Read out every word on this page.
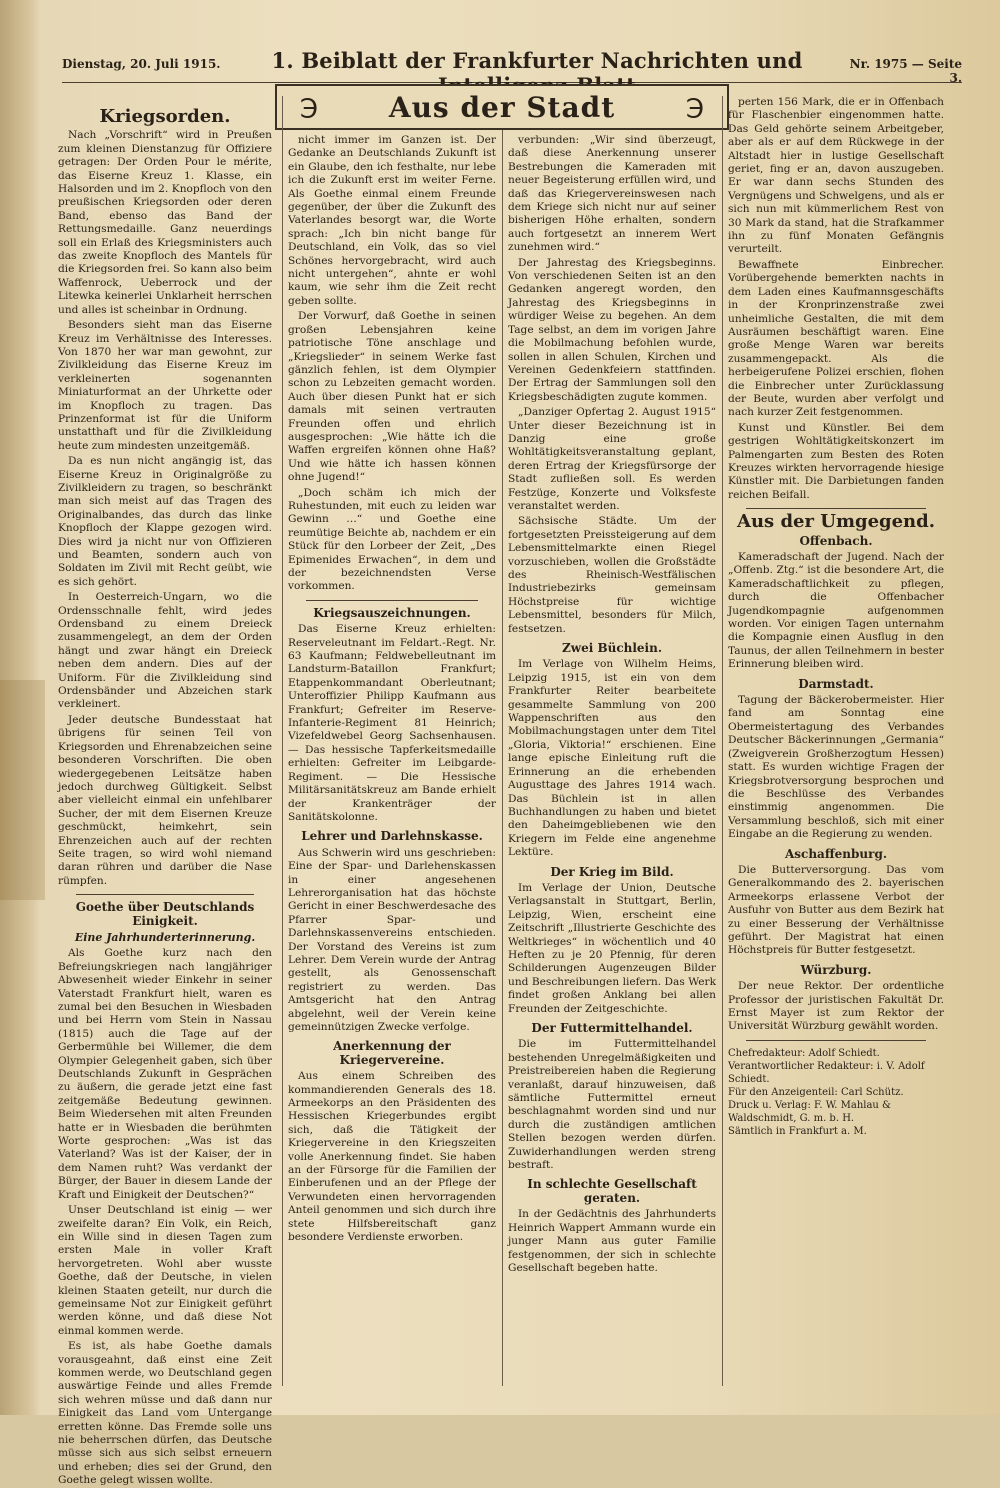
Dienstag, 20. Juli 1915.	1. Beiblatt der Frankfurter Nachrichten und	Nr. 1975 — Seite 3.
℈	Aus der Stadt	℈
Kriegsorden.

Nach „Vorschrift“ wird in Preußen zum kleinen Dienstanzug für Offiziere getragen: Der Orden Pour le mérite, das Eiserne Kreuz 1. Klasse, ein Halsorden und im 2. Knopfloch von den preußischen Kriegsorden oder deren Band, ebenso das Band der Rettungsmedaille. Ganz neuerdings soll ein Erlaß des Kriegsministers auch das zweite Knopfloch des Mantels für die Kriegsorden frei. So kann also beim Waffenrock, Ueberrock und der Litewka keinerlei Unklarheit herrschen und alles ist scheinbar in Ordnung.

Besonders sieht man das Eiserne Kreuz im Verhältnisse des Interesses. Von 1870 her war man gewohnt, zur Zivilkleidung das Eiserne Kreuz im verkleinerten sogenannten Miniaturformat an der Uhrkette oder im Knopfloch zu tragen. Das Prinzenformat ist für die Uniform unstatthaft und für die Zivilkleidung heute zum mindesten unzeitgemäß.

Da es nun nicht angängig ist, das Eiserne Kreuz in Originalgröße zu Zivilkleidern zu tragen, so beschränkt man sich meist auf das Tragen des Originalbandes, das durch das linke Knopfloch der Klappe gezogen wird. Dies wird ja nicht nur von Offizieren und Beamten, sondern auch von Soldaten im Zivil mit Recht geübt, wie es sich gehört.

In Oesterreich-Ungarn, wo die Ordensschnalle fehlt, wird jedes Ordensband zu einem Dreieck zusammengelegt, an dem der Orden hängt und zwar hängt ein Dreieck neben dem andern. Dies auf der Uniform. Für die Zivilkleidung sind Ordensbänder und Abzeichen stark verkleinert.

Jeder deutsche Bundesstaat hat übrigens für seinen Teil von Kriegsorden und Ehrenabzeichen seine besonderen Vorschriften. Die oben wiedergegebenen Leitsätze haben jedoch durchweg Gültigkeit. Selbst aber vielleicht einmal ein unfehlbarer Sucher, der mit dem Eisernen Kreuze geschmückt, heimkehrt, sein Ehrenzeichen auch auf der rechten Seite tragen, so wird wohl niemand daran rühren und darüber die Nase rümpfen.

Goethe über Deutschlands Einigkeit.
Eine Jahrhunderterinnerung.

Als Goethe kurz nach den Befreiungskriegen nach langjähriger Abwesenheit wieder Einkehr in seiner Vaterstadt Frankfurt hielt, waren es zumal bei den Besuchen in Wiesbaden und bei Herrn vom Stein in Nassau (1815) auch die Tage auf der Gerbermühle bei Willemer, die dem Olympier Gelegenheit gaben, sich über Deutschlands Zukunft in Gesprächen zu äußern, die gerade jetzt eine fast zeitgemäße Bedeutung gewinnen. Beim Wiedersehen mit alten Freunden hatte er in Wiesbaden die berühmten Worte gesprochen: „Was ist das Vaterland? Was ist der Kaiser, der in dem Namen ruht? Was verdankt der Bürger, der Bauer in diesem Lande der Kraft und Einigkeit der Deutschen?“

Unser Deutschland ist einig — wer zweifelte daran? Ein Volk, ein Reich, ein Wille sind in diesen Tagen zum ersten Male in voller Kraft hervorgetreten. Wohl aber wusste Goethe, daß der Deutsche, in vielen kleinen Staaten geteilt, nur durch die gemeinsame Not zur Einigkeit geführt werden könne, und daß diese Not einmal kommen werde.

Es ist, als habe Goethe damals vorausgeahnt, daß einst eine Zeit kommen werde, wo Deutschland gegen auswärtige Feinde und alles Fremde sich wehren müsse und daß dann nur Einigkeit das Land vom Untergange erretten könne. Das Fremde solle uns nie beherrschen dürfen, das Deutsche müsse sich aus sich selbst erneuern und erheben; dies sei der Grund, den Goethe gelegt wissen wollte.

nicht immer im Ganzen ist. Der Gedanke an Deutschlands Zukunft ist ein Glaube, den ich festhalte, nur lebe ich die Zukunft erst im weiter Ferne. Als Goethe einmal einem Freunde gegenüber, der über die Zukunft des Vaterlandes besorgt war, die Worte sprach: „Ich bin nicht bange für Deutschland, ein Volk, das so viel Schönes hervorgebracht, wird auch nicht untergehen“, ahnte er wohl kaum, wie sehr ihm die Zeit recht geben sollte.

Der Vorwurf, daß Goethe in seinen großen Lebensjahren keine patriotische Töne anschlage und „Kriegslieder“ in seinem Werke fast gänzlich fehlen, ist dem Olympier schon zu Lebzeiten gemacht worden. Auch über diesen Punkt hat er sich damals mit seinen vertrauten Freunden offen und ehrlich ausgesprochen: „Wie hätte ich die Waffen ergreifen können ohne Haß? Und wie hätte ich hassen können ohne Jugend!“

„Doch schäm ich mich der Ruhestunden, mit euch zu leiden war Gewinn …“ und Goethe eine reumütige Beichte ab, nachdem er ein Stück für den Lorbeer der Zeit, „Des Epimenides Erwachen“, in dem und der bezeichnendsten Verse vorkommen.

Kriegsauszeichnungen.

Das Eiserne Kreuz erhielten: Reserveleutnant im Feldart.-Regt. Nr. 63 Kaufmann; Feldwebelleutnant im Landsturm-Bataillon Frankfurt; Etappenkommandant Oberleutnant; Unteroffizier Philipp Kaufmann aus Frankfurt; Gefreiter im Reserve-Infanterie-Regiment 81 Heinrich; Vizefeldwebel Georg Sachsenhausen. — Das hessische Tapferkeitsmedaille erhielten: Gefreiter im Leibgarde-Regiment. — Die Hessische Militärsanitätskreuz am Bande erhielt der Krankenträger der Sanitätskolonne.

Lehrer und Darlehnskasse.

Aus Schwerin wird uns geschrieben: Eine der Spar- und Darlehenskassen in einer angesehenen Lehrerorganisation hat das höchste Gericht in einer Beschwerdesache des Pfarrer Spar- und Darlehnskassenvereins entschieden. Der Vorstand des Vereins ist zum Lehrer. Dem Verein wurde der Antrag gestellt, als Genossenschaft registriert zu werden. Das Amtsgericht hat den Antrag abgelehnt, weil der Verein keine gemeinnützigen Zwecke verfolge.

Anerkennung der Kriegervereine.

Aus einem Schreiben des kommandierenden Generals des 18. Armeekorps an den Präsidenten des Hessischen Kriegerbundes ergibt sich, daß die Tätigkeit der Kriegervereine in den Kriegszeiten volle Anerkennung findet. Sie haben an der Fürsorge für die Familien der Einberufenen und an der Pflege der Verwundeten einen hervorragenden Anteil genommen und sich durch ihre stete Hilfsbereitschaft ganz besondere Verdienste erworben.

verbunden: „Wir sind überzeugt, daß diese Anerkennung unserer Bestrebungen die Kameraden mit neuer Begeisterung erfüllen wird, und daß das Kriegervereinswesen nach dem Kriege sich nicht nur auf seiner bisherigen Höhe erhalten, sondern auch fortgesetzt an innerem Wert zunehmen wird.“

Der Jahrestag des Kriegsbeginns. Von verschiedenen Seiten ist an den Gedanken angeregt worden, den Jahrestag des Kriegsbeginns in würdiger Weise zu begehen. An dem Tage selbst, an dem im vorigen Jahre die Mobilmachung befohlen wurde, sollen in allen Schulen, Kirchen und Vereinen Gedenkfeiern stattfinden. Der Ertrag der Sammlungen soll den Kriegsbeschädigten zugute kommen.

„Danziger Opfertag 2. August 1915“ Unter dieser Bezeichnung ist in Danzig eine große Wohltätigkeitsveranstaltung geplant, deren Ertrag der Kriegsfürsorge der Stadt zufließen soll. Es werden Festzüge, Konzerte und Volksfeste veranstaltet werden.

Sächsische Städte. Um der fortgesetzten Preissteigerung auf dem Lebensmittelmarkte einen Riegel vorzuschieben, wollen die Großstädte des Rheinisch-Westfälischen Industriebezirks gemeinsam Höchstpreise für wichtige Lebensmittel, besonders für Milch, festsetzen.

Zwei Büchlein.

Im Verlage von Wilhelm Heims, Leipzig 1915, ist ein von dem Frankfurter Reiter bearbeitete gesammelte Sammlung von 200 Wappenschriften aus den Mobilmachungstagen unter dem Titel „Gloria, Viktoria!“ erschienen. Eine lange epische Einleitung ruft die Erinnerung an die erhebenden Augusttage des Jahres 1914 wach. Das Büchlein ist in allen Buchhandlungen zu haben und bietet den Daheimgebliebenen wie den Kriegern im Felde eine angenehme Lektüre.

Der Krieg im Bild.

Im Verlage der Union, Deutsche Verlagsanstalt in Stuttgart, Berlin, Leipzig, Wien, erscheint eine Zeitschrift „Illustrierte Geschichte des Weltkrieges“ in wöchentlich und 40 Heften zu je 20 Pfennig, für deren Schilderungen Augenzeugen Bilder und Beschreibungen liefern. Das Werk findet großen Anklang bei allen Freunden der Zeitgeschichte.

Der Futtermittelhandel.

Die im Futtermittelhandel bestehenden Unregelmäßigkeiten und Preistreibereien haben die Regierung veranlaßt, darauf hinzuweisen, daß sämtliche Futtermittel erneut beschlagnahmt worden sind und nur durch die zuständigen amtlichen Stellen bezogen werden dürfen. Zuwiderhandlungen werden streng bestraft.

In schlechte Gesellschaft geraten.

In der Gedächtnis des Jahrhunderts Heinrich Wappert Ammann wurde ein junger Mann aus guter Familie festgenommen, der sich in schlechte Gesellschaft begeben hatte.

perten 156 Mark, die er in Offenbach für Flaschenbier eingenommen hatte. Das Geld gehörte seinem Arbeitgeber, aber als er auf dem Rückwege in der Altstadt hier in lustige Gesellschaft geriet, fing er an, davon auszugeben. Er war dann sechs Stunden des Vergnügens und Schwelgens, und als er sich nun mit kümmerlichem Rest von 30 Mark da stand, hat die Strafkammer ihn zu fünf Monaten Gefängnis verurteilt.

Bewaffnete Einbrecher. Vorübergehende bemerkten nachts in dem Laden eines Kaufmannsgeschäfts in der Kronprinzenstraße zwei unheimliche Gestalten, die mit dem Ausräumen beschäftigt waren. Eine große Menge Waren war bereits zusammengepackt. Als die herbeigerufene Polizei erschien, flohen die Einbrecher unter Zurücklassung der Beute, wurden aber verfolgt und nach kurzer Zeit festgenommen.

Kunst und Künstler. Bei dem gestrigen Wohltätigkeitskonzert im Palmengarten zum Besten des Roten Kreuzes wirkten hervorragende hiesige Künstler mit. Die Darbietungen fanden reichen Beifall.

Aus der Umgegend.
Offenbach.

Kameradschaft der Jugend. Nach der „Offenb. Ztg.“ ist die besondere Art, die Kameradschaftlichkeit zu pflegen, durch die Offenbacher Jugendkompagnie aufgenommen worden. Vor einigen Tagen unternahm die Kompagnie einen Ausflug in den Taunus, der allen Teilnehmern in bester Erinnerung bleiben wird.

Darmstadt.

Tagung der Bäckerobermeister. Hier fand am Sonntag eine Obermeistertagung des Verbandes Deutscher Bäckerinnungen „Germania“ (Zweigverein Großherzogtum Hessen) statt. Es wurden wichtige Fragen der Kriegsbrotversorgung besprochen und die Beschlüsse des Verbandes einstimmig angenommen. Die Versammlung beschloß, sich mit einer Eingabe an die Regierung zu wenden.

Aschaffenburg.

Die Butterversorgung. Das vom Generalkommando des 2. bayerischen Armeekorps erlassene Verbot der Ausfuhr von Butter aus dem Bezirk hat zu einer Besserung der Verhältnisse geführt. Der Magistrat hat einen Höchstpreis für Butter festgesetzt.

Würzburg.

Der neue Rektor. Der ordentliche Professor der juristischen Fakultät Dr. Ernst Mayer ist zum Rektor der Universität Würzburg gewählt worden.

Chefredakteur: Adolf Schiedt.
Verantwortlicher Redakteur: i. V. Adolf Schiedt.
Für den Anzeigenteil: Carl Schütz.
Druck u. Verlag: F. W. Mahlau & Waldschmidt, G. m. b. H.
Sämtlich in Frankfurt a. M.
